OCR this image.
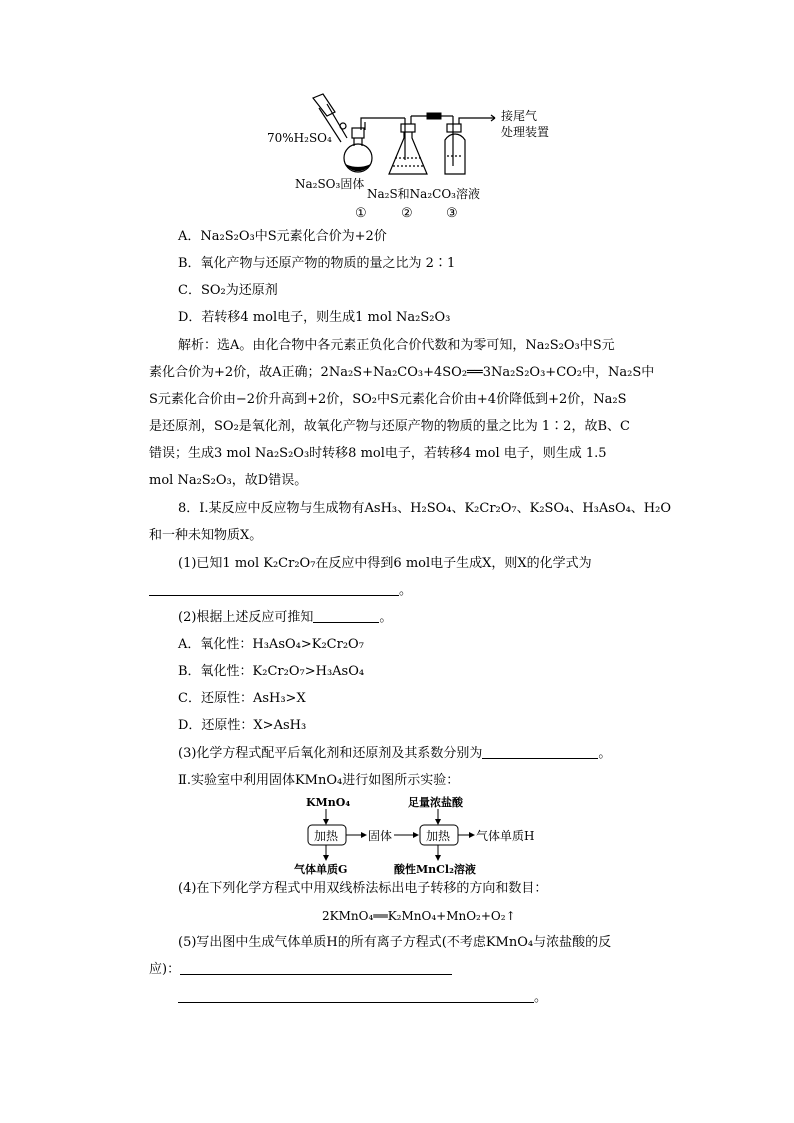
70%H₂SO₄
Na₂SO₃固体
Na₂S和Na₂CO₃溶液
接尾气
处理装置
①	②	③
A．Na₂S₂O₃中S元素化合价为+2价
B．氧化产物与还原产物的物质的量之比为 2∶1
C．SO₂为还原剂
D．若转移4 mol电子，则生成1 mol Na₂S₂O₃
解析：选A。由化合物中各元素正负化合价代数和为零可知，Na₂S₂O₃中S元
素化合价为+2价，故A正确；2Na₂S+Na₂CO₃+4SO₂══3Na₂S₂O₃+CO₂中，Na₂S中
S元素化合价由−2价升高到+2价，SO₂中S元素化合价由+4价降低到+2价，Na₂S
是还原剂，SO₂是氧化剂，故氧化产物与还原产物的物质的量之比为 1∶2，故B、C
错误；生成3 mol Na₂S₂O₃时转移8 mol电子，若转移4 mol 电子，则生成 1.5
mol Na₂S₂O₃，故D错误。
8．Ⅰ.某反应中反应物与生成物有AsH₃、H₂SO₄、K₂Cr₂O₇、K₂SO₄、H₃AsO₄、H₂O
和一种未知物质X。
(1)已知1 mol K₂Cr₂O₇在反应中得到6 mol电子生成X，则X的化学式为
。
(2)根据上述反应可推知	。
A．氧化性：H₃AsO₄>K₂Cr₂O₇
B．氧化性：K₂Cr₂O₇>H₃AsO₄
C．还原性：AsH₃>X
D．还原性：X>AsH₃
(3)化学方程式配平后氧化剂和还原剂及其系数分别为	。
Ⅱ.实验室中利用固体KMnO₄进行如图所示实验：
KMnO₄	足量浓盐酸
加热 固体	加热 气体单质H
气体单质G	酸性MnCl₂溶液
(4)在下列化学方程式中用双线桥法标出电子转移的方向和数目：
2KMnO₄══K₂MnO₄+MnO₂+O₂↑
(5)写出图中生成气体单质H的所有离子方程式(不考虑KMnO₄与浓盐酸的反
应)：
。
